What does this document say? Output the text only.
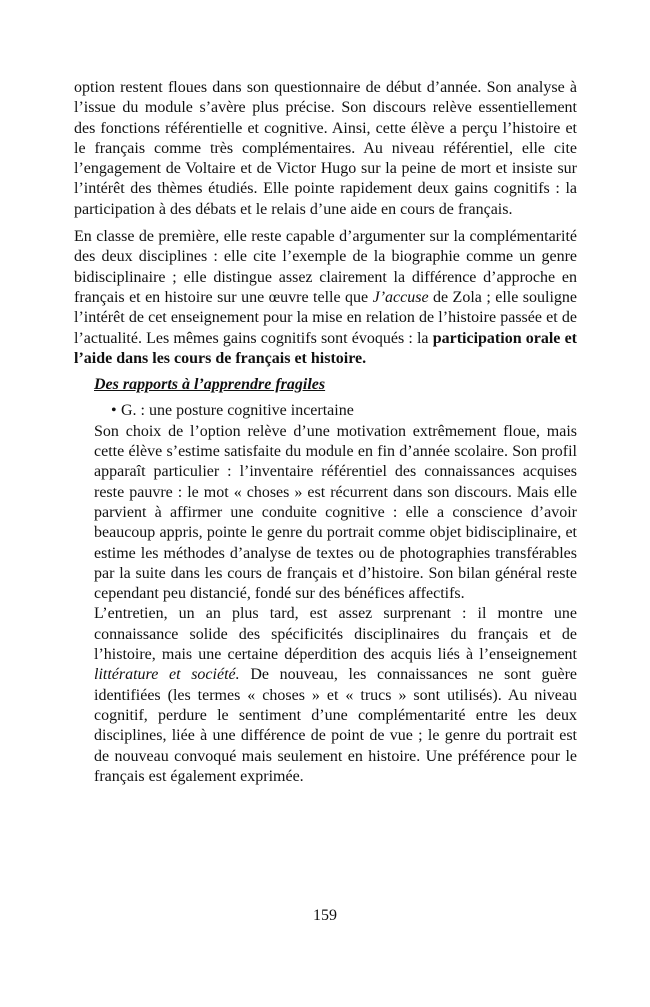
option restent floues dans son questionnaire de début d’année. Son analyse à l’issue du module s’avère plus précise. Son discours relève essentiellement des fonctions référentielle et cognitive. Ainsi, cette élève a perçu l’histoire et le français comme très complémentaires. Au niveau référentiel, elle cite l’engagement de Voltaire et de Victor Hugo sur la peine de mort et insiste sur l’intérêt des thèmes étudiés. Elle pointe rapidement deux gains cognitifs : la participation à des débats et le relais d’une aide en cours de français.

En classe de première, elle reste capable d’argumenter sur la complémentarité des deux disciplines : elle cite l’exemple de la biographie comme un genre bidisciplinaire ; elle distingue assez clairement la différence d’approche en français et en histoire sur une œuvre telle que J’accuse de Zola ; elle souligne l’intérêt de cet enseignement pour la mise en relation de l’histoire passée et de l’actualité. Les mêmes gains cognitifs sont évoqués : la participation orale et l’aide dans les cours de français et histoire.

Des rapports à l’apprendre fragiles

• G. : une posture cognitive incertaine

Son choix de l’option relève d’une motivation extrêmement floue, mais cette élève s’estime satisfaite du module en fin d’année scolaire. Son profil apparaît particulier : l’inventaire référentiel des connaissances acquises reste pauvre : le mot « choses » est récurrent dans son discours. Mais elle parvient à affirmer une conduite cognitive : elle a conscience d’avoir beaucoup appris, pointe le genre du portrait comme objet bidisciplinaire, et estime les méthodes d’analyse de textes ou de photographies transférables par la suite dans les cours de français et d’histoire. Son bilan général reste cependant peu distancié, fondé sur des bénéfices affectifs.

L’entretien, un an plus tard, est assez surprenant : il montre une connaissance solide des spécificités disciplinaires du français et de l’histoire, mais une certaine déperdition des acquis liés à l’enseignement littérature et société. De nouveau, les connaissances ne sont guère identifiées (les termes « choses » et « trucs » sont utilisés). Au niveau cognitif, perdure le sentiment d’une complémentarité entre les deux disciplines, liée à une différence de point de vue ; le genre du portrait est de nouveau convoqué mais seulement en histoire. Une préférence pour le français est également exprimée.

159
